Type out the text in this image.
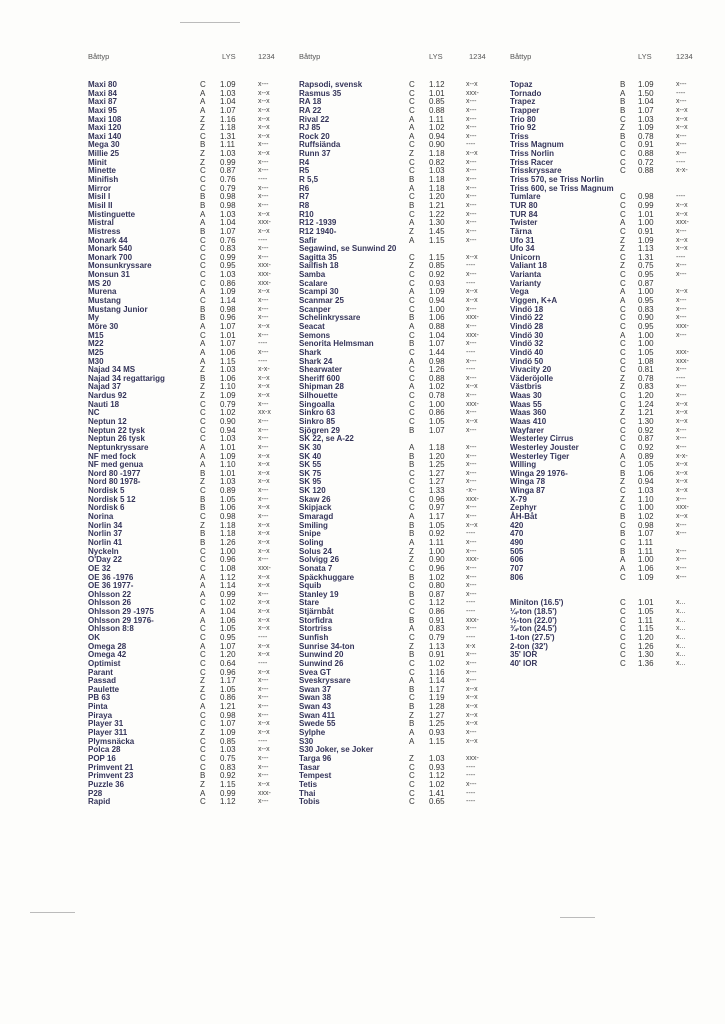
Båttyp	LYS	1234
Maxi 80	C 1.09	x---
Maxi 84	A 1.03	x--x
Maxi 87	A 1.04	x--x
Maxi 95	A 1.07	x--x
Maxi 108	Z 1.16	x--x
Maxi 120	Z 1.18	x--x
Maxi 140	C 1.31	x--x
Mega 30	B 1.11	x---
Millie 25	Z 1.03	x--x
Minit	Z 0.99	x---
Minette	C 0.87	x---
Minifish	C 0.76	----
Mirror	C 0.79	x---
Misil I	B 0.98	x---
Misil II	B 0.98	x---
Mistinguette	A 1.03	x--x
Mistral	A 1.04	xxx-
Mistress	B 1.07	x--x
Monark 44	C 0.76	----
Monark 540	C 0.83	x---
Monark 700	C 0.99	x---
Monsunkryssare	C 0.95	xxx-
Monsun 31	C 1.03	xxx-
MS 20	C 0.86	xxx-
Murena	A 1.09	x--x
Mustang	C 1.14	x---
Mustang Junior	B 0.98	x---
My	B 0.96	x---
Möre 30	A 1.07	x--x
M15	C 1.01	x---
M22	A 1.07	----
M25	A 1.06	x---
M30	A 1.15	----
Najad 34 MS	Z 1.03	x-x-
Najad 34 regattarigg	B 1.06	x--x
Najad 37	Z 1.10	x--x
Nardus 92	Z 1.09	x--x
Nauti 18	C 0.79	x---
NC	C 1.02	xx-x
Neptun 12	C 0.90	x---
Neptun 22 tysk	C 0.94	x---
Neptun 26 tysk	C 1.03	x---
Neptunkryssare	A 1.01	x---
NF med fock	A 1.09	x--x
NF med genua	A 1.10	x--x
Nord 80 -1977	B 1.01	x--x
Nord 80 1978-	Z 1.03	x--x
Nordisk 5	C 0.89	x---
Nordisk 5 12	B 1.05	x---
Nordisk 6	B 1.06	x--x
Norina	C 0.98	x---
Norlin 34	Z 1.18	x--x
Norlin 37	B 1.18	x--x
Norlin 41	B 1.26	x--x
Nyckeln	C 1.00	x--x
O'Day 22	C 0.96	x---
OE 32	C 1.08	xxx-
OE 36 -1976	A 1.12	x--x
OE 36 1977-	A 1.14	x--x
Ohlsson 22	A 0.99	x---
Ohlsson 26	C 1.02	x--x
Ohlsson 29 -1975	A 1.04	x--x
Ohlsson 29 1976-	A 1.06	x--x
Ohlsson 8:8	C 1.05	x--x
OK	C 0.95	----
Omega 28	A 1.07	x--x
Omega 42	C 1.20	x--x
Optimist	C 0.64	----
Parant	C 0.96	x--x
Passad	Z 1.17	x---
Paulette	Z 1.05	x---
PB 63	C 0.86	x---
Pinta	A 1.21	x---
Piraya	C 0.98	x---
Player 31	C 1.07	x--x
Player 311	Z 1.09	x--x
Plymsnäcka	C 0.85	----
Polca 28	C 1.03	x--x
POP 16	C 0.75	x---
Primvent 21	C 0.83	x---
Primvent 23	B 0.92	x---
Puzzle 36	Z 1.15	x--x
P28	A 0.99	xxx-
Rapid	C 1.12	x---
Båttyp	LYS	1234
Rapsodi, svensk	C 1.12	x--x
Rasmus 35	C 1.01	xxx-
RA 18	C 0.85	x---
RA 22	C 0.88	x---
Rival 22	A 1.11	x---
RJ 85	A 1.02	x---
Rock 20	A 0.94	x---
Ruffsiända	C 0.90	----
Runn 37	Z 1.18	x--x
R4	C 0.82	x---
R5	C 1.03	x---
R 5,5	B 1.18	x---
R6	A 1.18	x---
R7	C 1.20	x---
R8	B 1.21	x---
R10	C 1.22	x---
R12 -1939	A 1.30	x---
R12 1940-	Z 1.45	x---
Safir	A 1.15	x---
Segawind, se Sunwind 20
Sagitta 35	C 1.15	x--x
Sailfish 18	Z 0.85	----
Samba	C 0.92	x---
Scalare	C 0.93	----
Scampi 30	A 1.09	x--x
Scanmar 25	C 0.94	x--x
Scanper	C 1.00	x---
Schelinkryssare	B 1.06	xxx-
Seacat	A 0.88	x---
Semons	C 1.04	xxx-
Senorita Helmsman	B 1.07	x---
Shark	C 1.44	----
Shark 24	A 0.98	x---
Shearwater	C 1.26	----
Sheriff 600	C 0.88	x---
Shipman 28	A 1.02	x--x
Silhouette	C 0.78	x---
Singoalla	C 1.00	xxx-
Sinkro 63	C 0.86	x---
Sinkro 85	C 1.05	x--x
Sjögren 29	B 1.07	x---
SK 22, se A-22
SK 30	A 1.18	x---
SK 40	B 1.20	x---
SK 55	B 1.25	x---
SK 75	C 1.27	x---
SK 95	C 1.27	x---
SK 120	C 1.33	-x--
Skaw 26	C 0.96	xxx-
Skipjack	C 0.97	x---
Smaragd	A 1.17	x---
Smiling	B 1.05	x--x
Snipe	B 0.92	----
Soling	A 1.11	x---
Solus 24	Z 1.00	x---
Solvigg 26	Z 0.90	xxx-
Sonata 7	C 0.96	x---
Späckhuggare	B 1.02	x---
Squib	C 0.80	x---
Stanley 19	B 0.87	x---
Stare	C 1.12	----
Stjärnbåt	C 0.86	----
Storfidra	B 0.91	xxx-
Stortriss	A 0.83	x---
Sunfish	C 0.79	----
Sunrise 34-ton	Z 1.13	x-x
Sunwind 20	B 0.91	x---
Sunwind 26	C 1.02	x---
Svea GT	C 1.16	x---
Sveskryssare	A 1.14	x---
Swan 37	B 1.17	x--x
Swan 38	C 1.19	x--x
Swan 43	B 1.28	x--x
Swan 411	Z 1.27	x--x
Swede 55	B 1.25	x--x
Sylphe	A 0.93	x---
S30	A 1.15	x--x
S30 Joker, se Joker
Targa 96	Z 1.03	xxx-
Tasar	C 0.93	----
Tempest	C 1.12	----
Tetis	C 1.02	x---
Thai	C 1.41	----
Tobis	C 0.65	----
Båttyp	LYS	1234
Topaz	B 1.09	x---
Tornado	A 1.50	----
Trapez	B 1.04	x---
Trapper	B 1.07	x--x
Trio 80	C 1.03	x--x
Trio 92	Z 1.09	x--x
Triss	B 0.78	x---
Triss Magnum	C 0.91	x---
Triss Norlin	C 0.88	x---
Triss Racer	C 0.72	----
Trisskryssare	C 0.88	x-x-
Triss 570, se Triss Norlin
Triss 600, se Triss Magnum
Tumlare	C 0.98	----
TUR 80	C 0.99	x--x
TUR 84	C 1.01	x--x
Twister	A 1.00	xxx-
Tärna	C 0.91	x---
Ufo 31	Z 1.09	x--x
Ufo 34	Z 1.13	x--x
Unicorn	C 1.31	----
Valiant 18	Z 0.75	x---
Varianta	C 0.95	x---
Varianty	C 0.87
Vega	A 1.00	x--x
Viggen, K+A	A 0.95	x---
Vindö 18	C 0.83	x---
Vindö 22	C 0.90	x---
Vindö 28	C 0.95	xxx-
Vindö 30	A 1.00	x---
Vindö 32	C 1.00
Vindö 40	C 1.05	xxx-
Vindö 50	C 1.08	xxx-
Vivacity 20	C 0.81	x---
Väderöjolle	Z 0.78	----
Västbris	Z 0.83	x---
Waas 30	C 1.20	x---
Waas 55	C 1.24	x--x
Waas 360	Z 1.21	x--x
Waas 410	C 1.30	x--x
Wayfarer	C 0.92	x---
Westerley Cirrus	C 0.87	x---
Westerley Jouster	C 0.92	x---
Westerley Tiger	A 0.89	x-x-
Willing	C 1.05	x--x
Winga 29 1976-	B 1.06	x--x
Winga 78	Z 0.94	x--x
Winga 87	C 1.03	x--x
X-79	Z 1.10	x---
Zephyr	C 1.00	xxx-
ÅH-Båt	B 1.02	x--x
420	C 0.98	x---
470	B 1.07	x---
490	C 1.11
505	B 1.11	x---
606	A 1.00	x---
707	A 1.06	x---
806	C 1.09	x---
Miniton (16.5')	C 1.01	x...
¼-ton (18.5')	C 1.05	x...
½-ton (22.0')	C 1.11	x...
¾-ton (24.5')	C 1.15	x...
1-ton (27.5')	C 1.20	x...
2-ton (32')	C 1.26	x...
35' IOR	C 1.30	x...
40' IOR	C 1.36	x...
